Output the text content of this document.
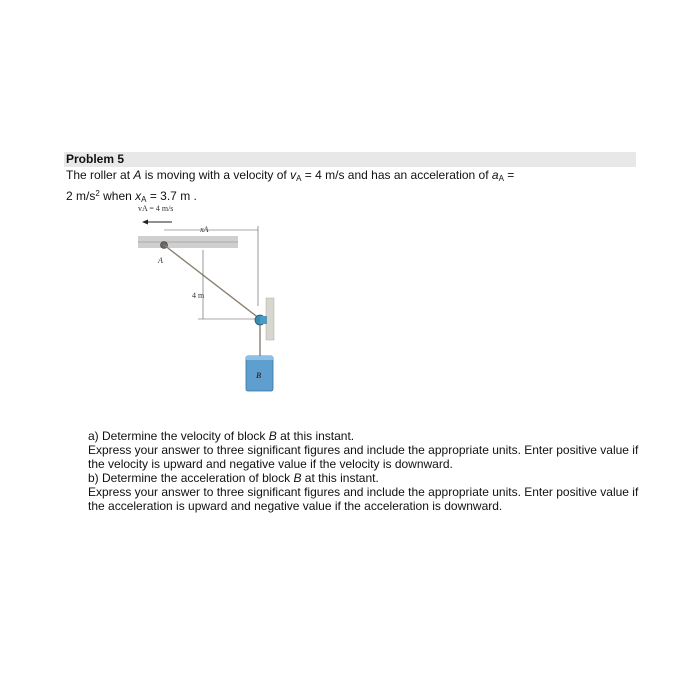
Problem 5
The roller at A is moving with a velocity of $v_A = 4$ m/s and has an acceleration of $a_A$ =
2 $m/s^2$ when $x_A = 3.7$ m .
vA = 4 m/s
xA
A
4 m
B
a) Determine the velocity of block B at this instant.
Express your answer to three significant figures and include the appropriate units. Enter positive value if the velocity is upward and negative value if the velocity is downward.
b) Determine the acceleration of block B at this instant.
Express your answer to three significant figures and include the appropriate units. Enter positive value if the acceleration is upward and negative value if the acceleration is downward.
